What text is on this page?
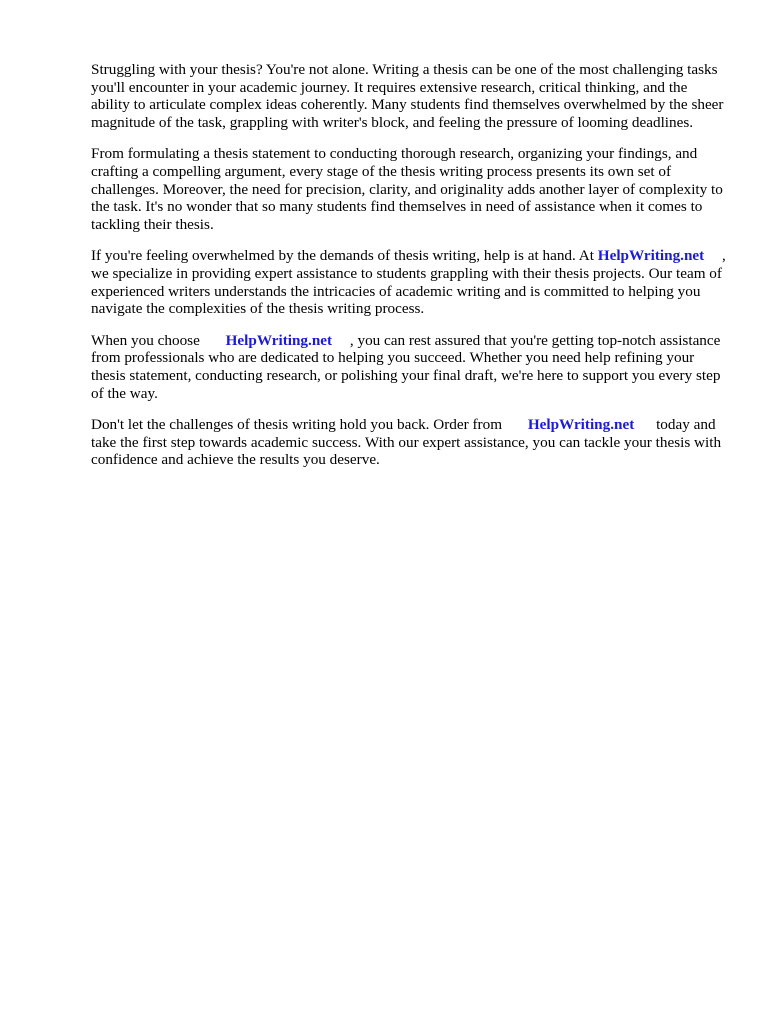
Struggling with your thesis? You're not alone. Writing a thesis can be one of the most challenging tasks you'll encounter in your academic journey. It requires extensive research, critical thinking, and the ability to articulate complex ideas coherently. Many students find themselves overwhelmed by the sheer magnitude of the task, grappling with writer's block, and feeling the pressure of looming deadlines.

From formulating a thesis statement to conducting thorough research, organizing your findings, and crafting a compelling argument, every stage of the thesis writing process presents its own set of challenges. Moreover, the need for precision, clarity, and originality adds another layer of complexity to the task. It's no wonder that so many students find themselves in need of assistance when it comes to tackling their thesis.

If you're feeling overwhelmed by the demands of thesis writing, help is at hand. At HelpWriting.net , we specialize in providing expert assistance to students grappling with their thesis projects. Our team of experienced writers understands the intricacies of academic writing and is committed to helping you navigate the complexities of the thesis writing process.

When you choose HelpWriting.net , you can rest assured that you're getting top-notch assistance from professionals who are dedicated to helping you succeed. Whether you need help refining your thesis statement, conducting research, or polishing your final draft, we're here to support you every step of the way.

Don't let the challenges of thesis writing hold you back. Order from HelpWriting.net today and take the first step towards academic success. With our expert assistance, you can tackle your thesis with confidence and achieve the results you deserve.
